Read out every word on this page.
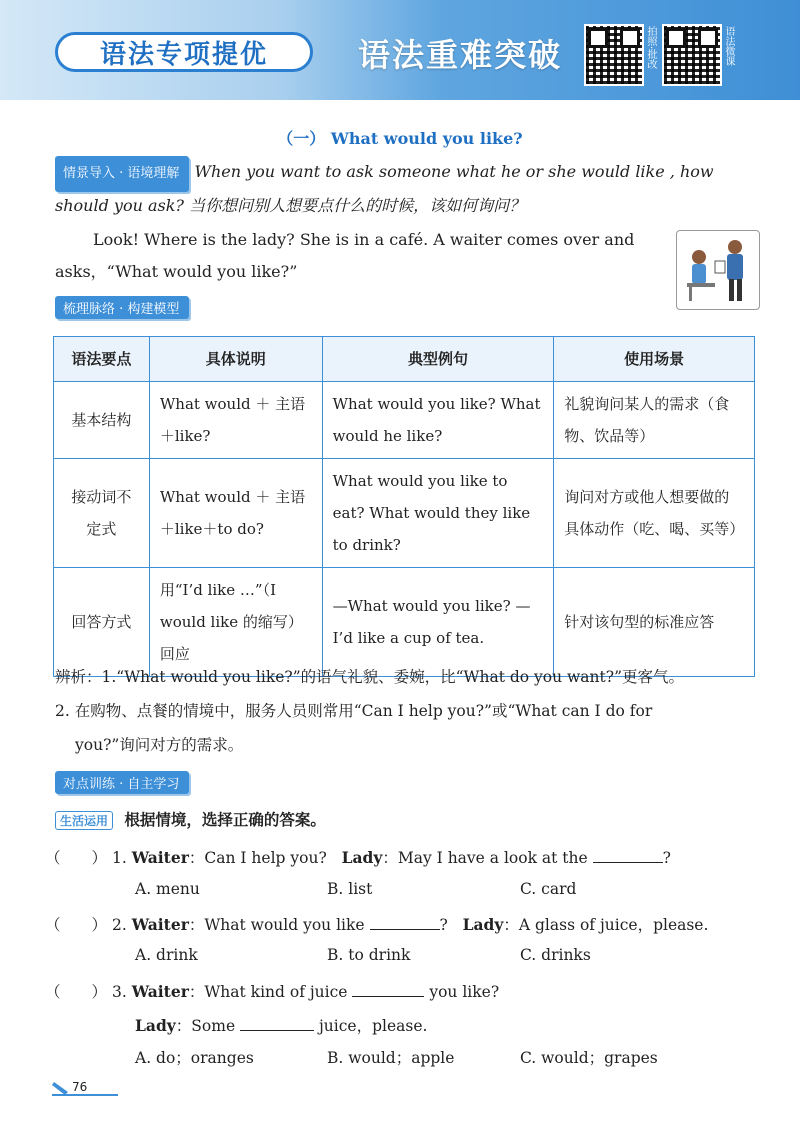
语法专项提优	语法重难突破	拍照·批改	语法微课
（一） What would you like?
情景导入 · 语境理解 When you want to ask someone what he or she would like , how
should you ask? 当你想问别人想要点什么的时候，该如何询问？
Look! Where is the lady? She is in a café. A waiter comes over and
asks，“What would you like?”
梳理脉络 · 构建模型
语法要点	具体说明	典型例句	使用场景
基本结构	What would ＋ 主语＋like?	What would you like? What would he like?	礼貌询问某人的需求（食物、饮品等）
接动词不定式	What would ＋ 主语＋like＋to do?	What would you like to eat? What would they like to drink?	询问对方或他人想要做的具体动作（吃、喝、买等）
回答方式	用“I’d like …”（I would like 的缩写）回应	—What would you like? —I’d like a cup of tea.	针对该句型的标准应答
辨析：1.“What would you like?”的语气礼貌、委婉，比“What do you want?”更客气。
2. 在购物、点餐的情境中，服务人员则常用“Can I help you?”或“What can I do for
you?”询问对方的需求。
对点训练 · 自主学习
生活运用 根据情境，选择正确的答案。
（　　） 1. Waiter：Can I help you? Lady：May I have a look at the	?
A. menu	B. list	C. card
（　　） 2. Waiter：What would you like	? Lady：A glass of juice，please.
A. drink	B. to drink	C. drinks
（　　） 3. Waiter：What kind of juice	you like?
Lady：Some	juice，please.
A. do；oranges	B. would；apple	C. would；grapes
76
